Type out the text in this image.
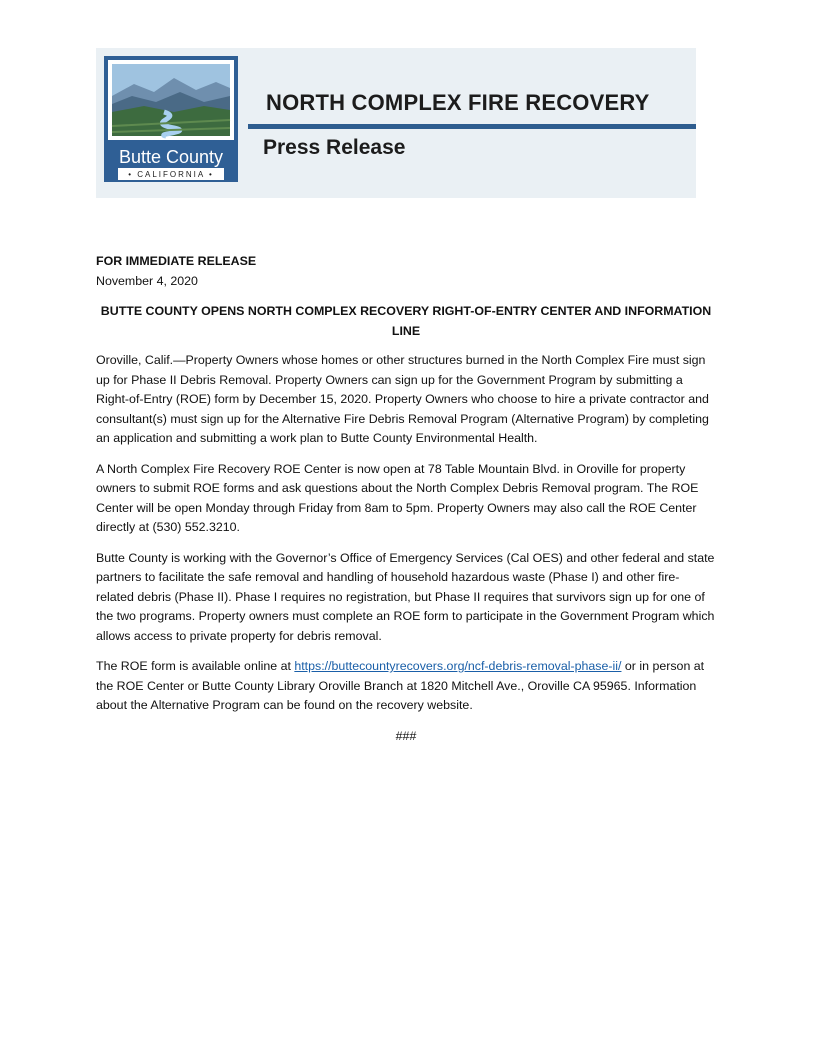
Butte County
• CALIFORNIA •
NORTH COMPLEX FIRE RECOVERY
Press Release

FOR IMMEDIATE RELEASE

November 4, 2020

BUTTE COUNTY OPENS NORTH COMPLEX RECOVERY RIGHT-OF-ENTRY CENTER AND INFORMATION LINE

Oroville, Calif.—Property Owners whose homes or other structures burned in the North Complex Fire must sign up for Phase II Debris Removal. Property Owners can sign up for the Government Program by submitting a Right-of-Entry (ROE) form by December 15, 2020. Property Owners who choose to hire a private contractor and consultant(s) must sign up for the Alternative Fire Debris Removal Program (Alternative Program) by completing an application and submitting a work plan to Butte County Environmental Health.

A North Complex Fire Recovery ROE Center is now open at 78 Table Mountain Blvd. in Oroville for property owners to submit ROE forms and ask questions about the North Complex Debris Removal program. The ROE Center will be open Monday through Friday from 8am to 5pm. Property Owners may also call the ROE Center directly at (530) 552.3210.

Butte County is working with the Governor’s Office of Emergency Services (Cal OES) and other federal and state partners to facilitate the safe removal and handling of household hazardous waste (Phase I) and other fire-related debris (Phase II). Phase I requires no registration, but Phase II requires that survivors sign up for one of the two programs. Property owners must complete an ROE form to participate in the Government Program which allows access to private property for debris removal.

The ROE form is available online at https://buttecountyrecovers.org/ncf-debris-removal-phase-ii/ or in person at the ROE Center or Butte County Library Oroville Branch at 1820 Mitchell Ave., Oroville CA 95965. Information about the Alternative Program can be found on the recovery website.

###
